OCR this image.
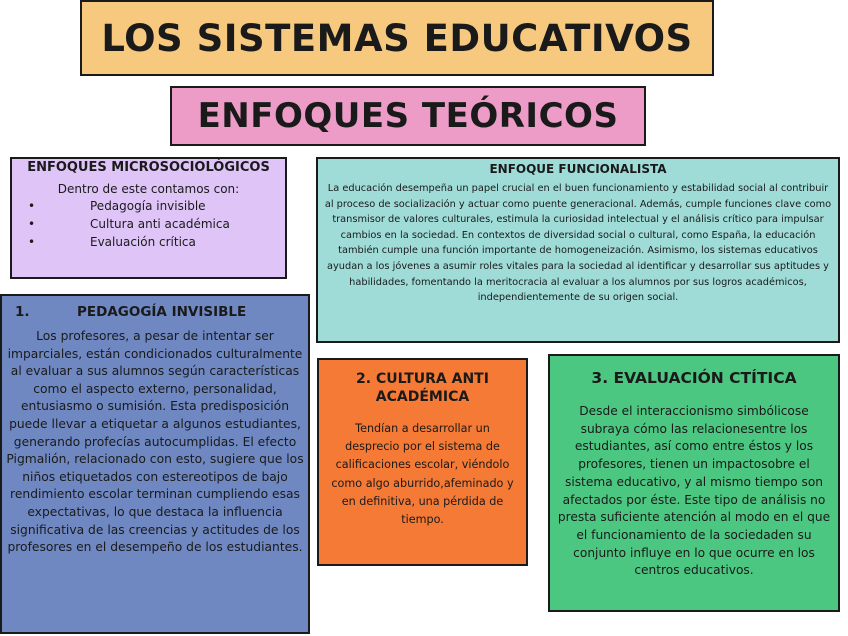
LOS SISTEMAS EDUCATIVOS
ENFOQUES TEÓRICOS
ENFOQUES MICROSOCIOLÓGICOS

Dentro de este contamos con:

•	Pedagogía invisible
•	Cultura anti académica
•	Evaluación crítica
ENFOQUE FUNCIONALISTA

La educación desempeña un papel crucial en el buen funcionamiento y estabilidad social al contribuir al proceso de socialización y actuar como puente generacional. Además, cumple funciones clave como transmisor de valores culturales, estimula la curiosidad intelectual y el análisis crítico para impulsar cambios en la sociedad. En contextos de diversidad social o cultural, como España, la educación también cumple una función importante de homogeneización. Asimismo, los sistemas educativos ayudan a los jóvenes a asumir roles vitales para la sociedad al identificar y desarrollar sus aptitudes y habilidades, fomentando la meritocracia al evaluar a los alumnos por sus logros académicos, independientemente de su origen social.

1.	PEDAGOGÍA INVISIBLE

Los profesores, a pesar de intentar ser imparciales, están condicionados culturalmente al evaluar a sus alumnos según características como el aspecto externo, personalidad, entusiasmo o sumisión. Esta predisposición puede llevar a etiquetar a algunos estudiantes, generando profecías autocumplidas. El efecto Pigmalión, relacionado con esto, sugiere que los niños etiquetados con estereotipos de bajo rendimiento escolar terminan cumpliendo esas expectativas, lo que destaca la influencia significativa de las creencias y actitudes de los profesores en el desempeño de los estudiantes.

2. CULTURA ANTI ACADÉMICA

Tendían a desarrollar un desprecio por el sistema de calificaciones escolar, viéndolo como algo aburrido,afeminado y en definitiva, una pérdida de tiempo.

3. EVALUACIÓN CTÍTICA

Desde el interaccionismo simbólicose subraya cómo las relacionesentre los estudiantes, así como entre éstos y los profesores, tienen un impactosobre el sistema educativo, y al mismo tiempo son afectados por éste. Este tipo de análisis no presta suficiente atención al modo en el que el funcionamiento de la sociedaden su conjunto influye en lo que ocurre en los centros educativos.
